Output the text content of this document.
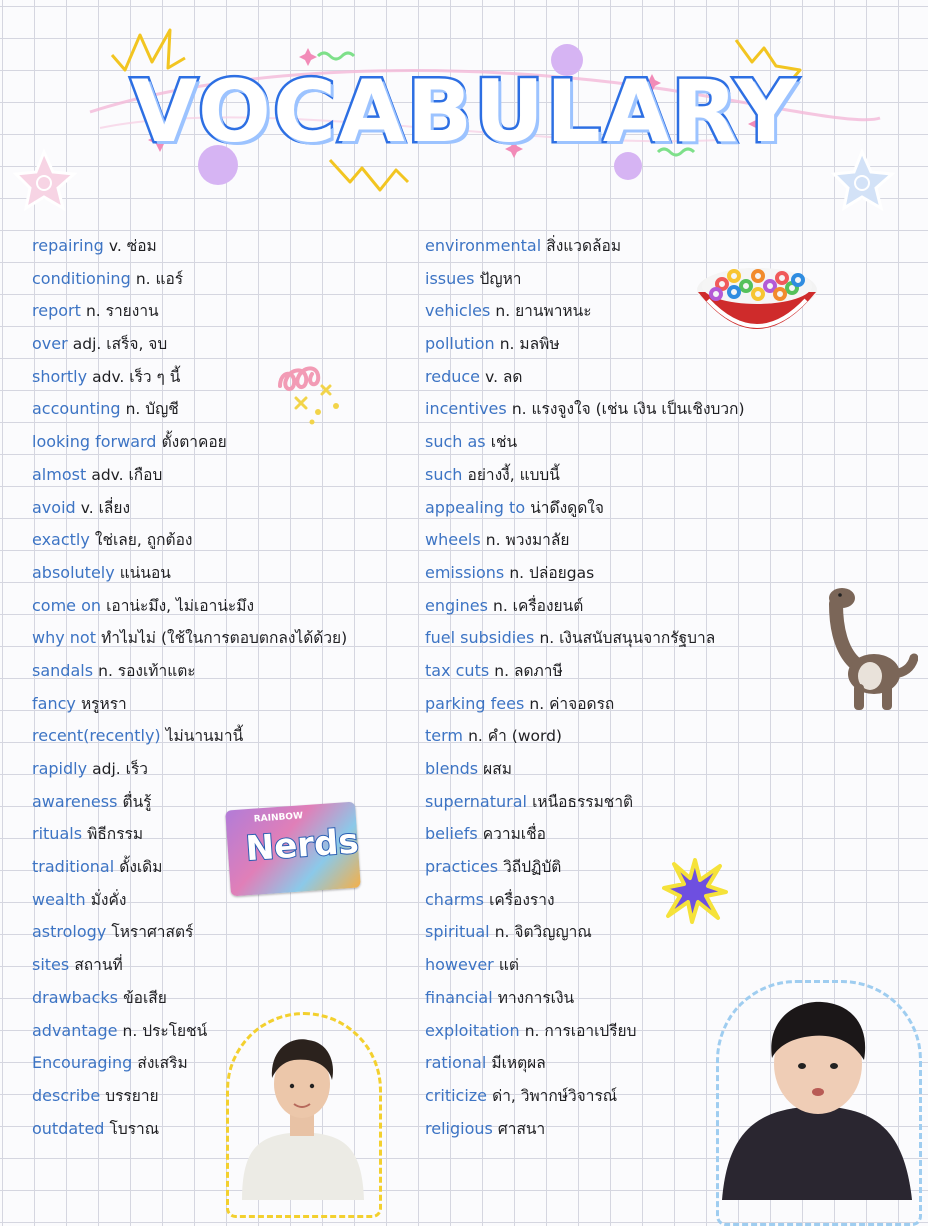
VOCABULARY
repairing v. ซ่อม
conditioning n. แอร์
report n. รายงาน
over adj. เสร็จ, จบ
shortly adv. เร็ว ๆ นี้
accounting n. บัญชี
looking forward ตั้งตาคอย
almost adv. เกือบ
avoid v. เลี่ยง
exactly ใช่เลย, ถูกต้อง
absolutely แน่นอน
come on เอาน่ะมึง, ไม่เอาน่ะมึง
why not ทำไมไม่ (ใช้ในการตอบตกลงได้ด้วย)
sandals n. รองเท้าแตะ
fancy หรูหรา
recent(recently) ไม่นานมานี้
rapidly adj. เร็ว
awareness ตื่นรู้
rituals พิธีกรรม
traditional ดั้งเดิม
wealth มั่งคั่ง
astrology โหราศาสตร์
sites สถานที่
drawbacks ข้อเสีย
advantage n. ประโยชน์
Encouraging ส่งเสริม
describe บรรยาย
outdated โบราณ
environmental สิ่งแวดล้อม
issues ปัญหา
vehicles n. ยานพาหนะ
pollution n. มลพิษ
reduce v. ลด
incentives n. แรงจูงใจ (เช่น เงิน เป็นเชิงบวก)
such as เช่น
such อย่างงี้, แบบนี้
appealing to น่าดึงดูดใจ
wheels n. พวงมาลัย
emissions n. ปล่อยgas
engines n. เครื่องยนต์
fuel subsidies n. เงินสนับสนุนจากรัฐบาล
tax cuts n. ลดภาษี
parking fees n. ค่าจอดรถ
term n. คำ (word)
blends ผสม
supernatural เหนือธรรมชาติ
beliefs ความเชื่อ
practices วิถีปฏิบัติ
charms เครื่องราง
spiritual n. จิตวิญญาณ
however แต่
financial ทางการเงิน
exploitation n. การเอาเปรียบ
rational มีเหตุผล
criticize ด่า, วิพากษ์วิจารณ์
religious ศาสนา
RAINBOW
Nerds
